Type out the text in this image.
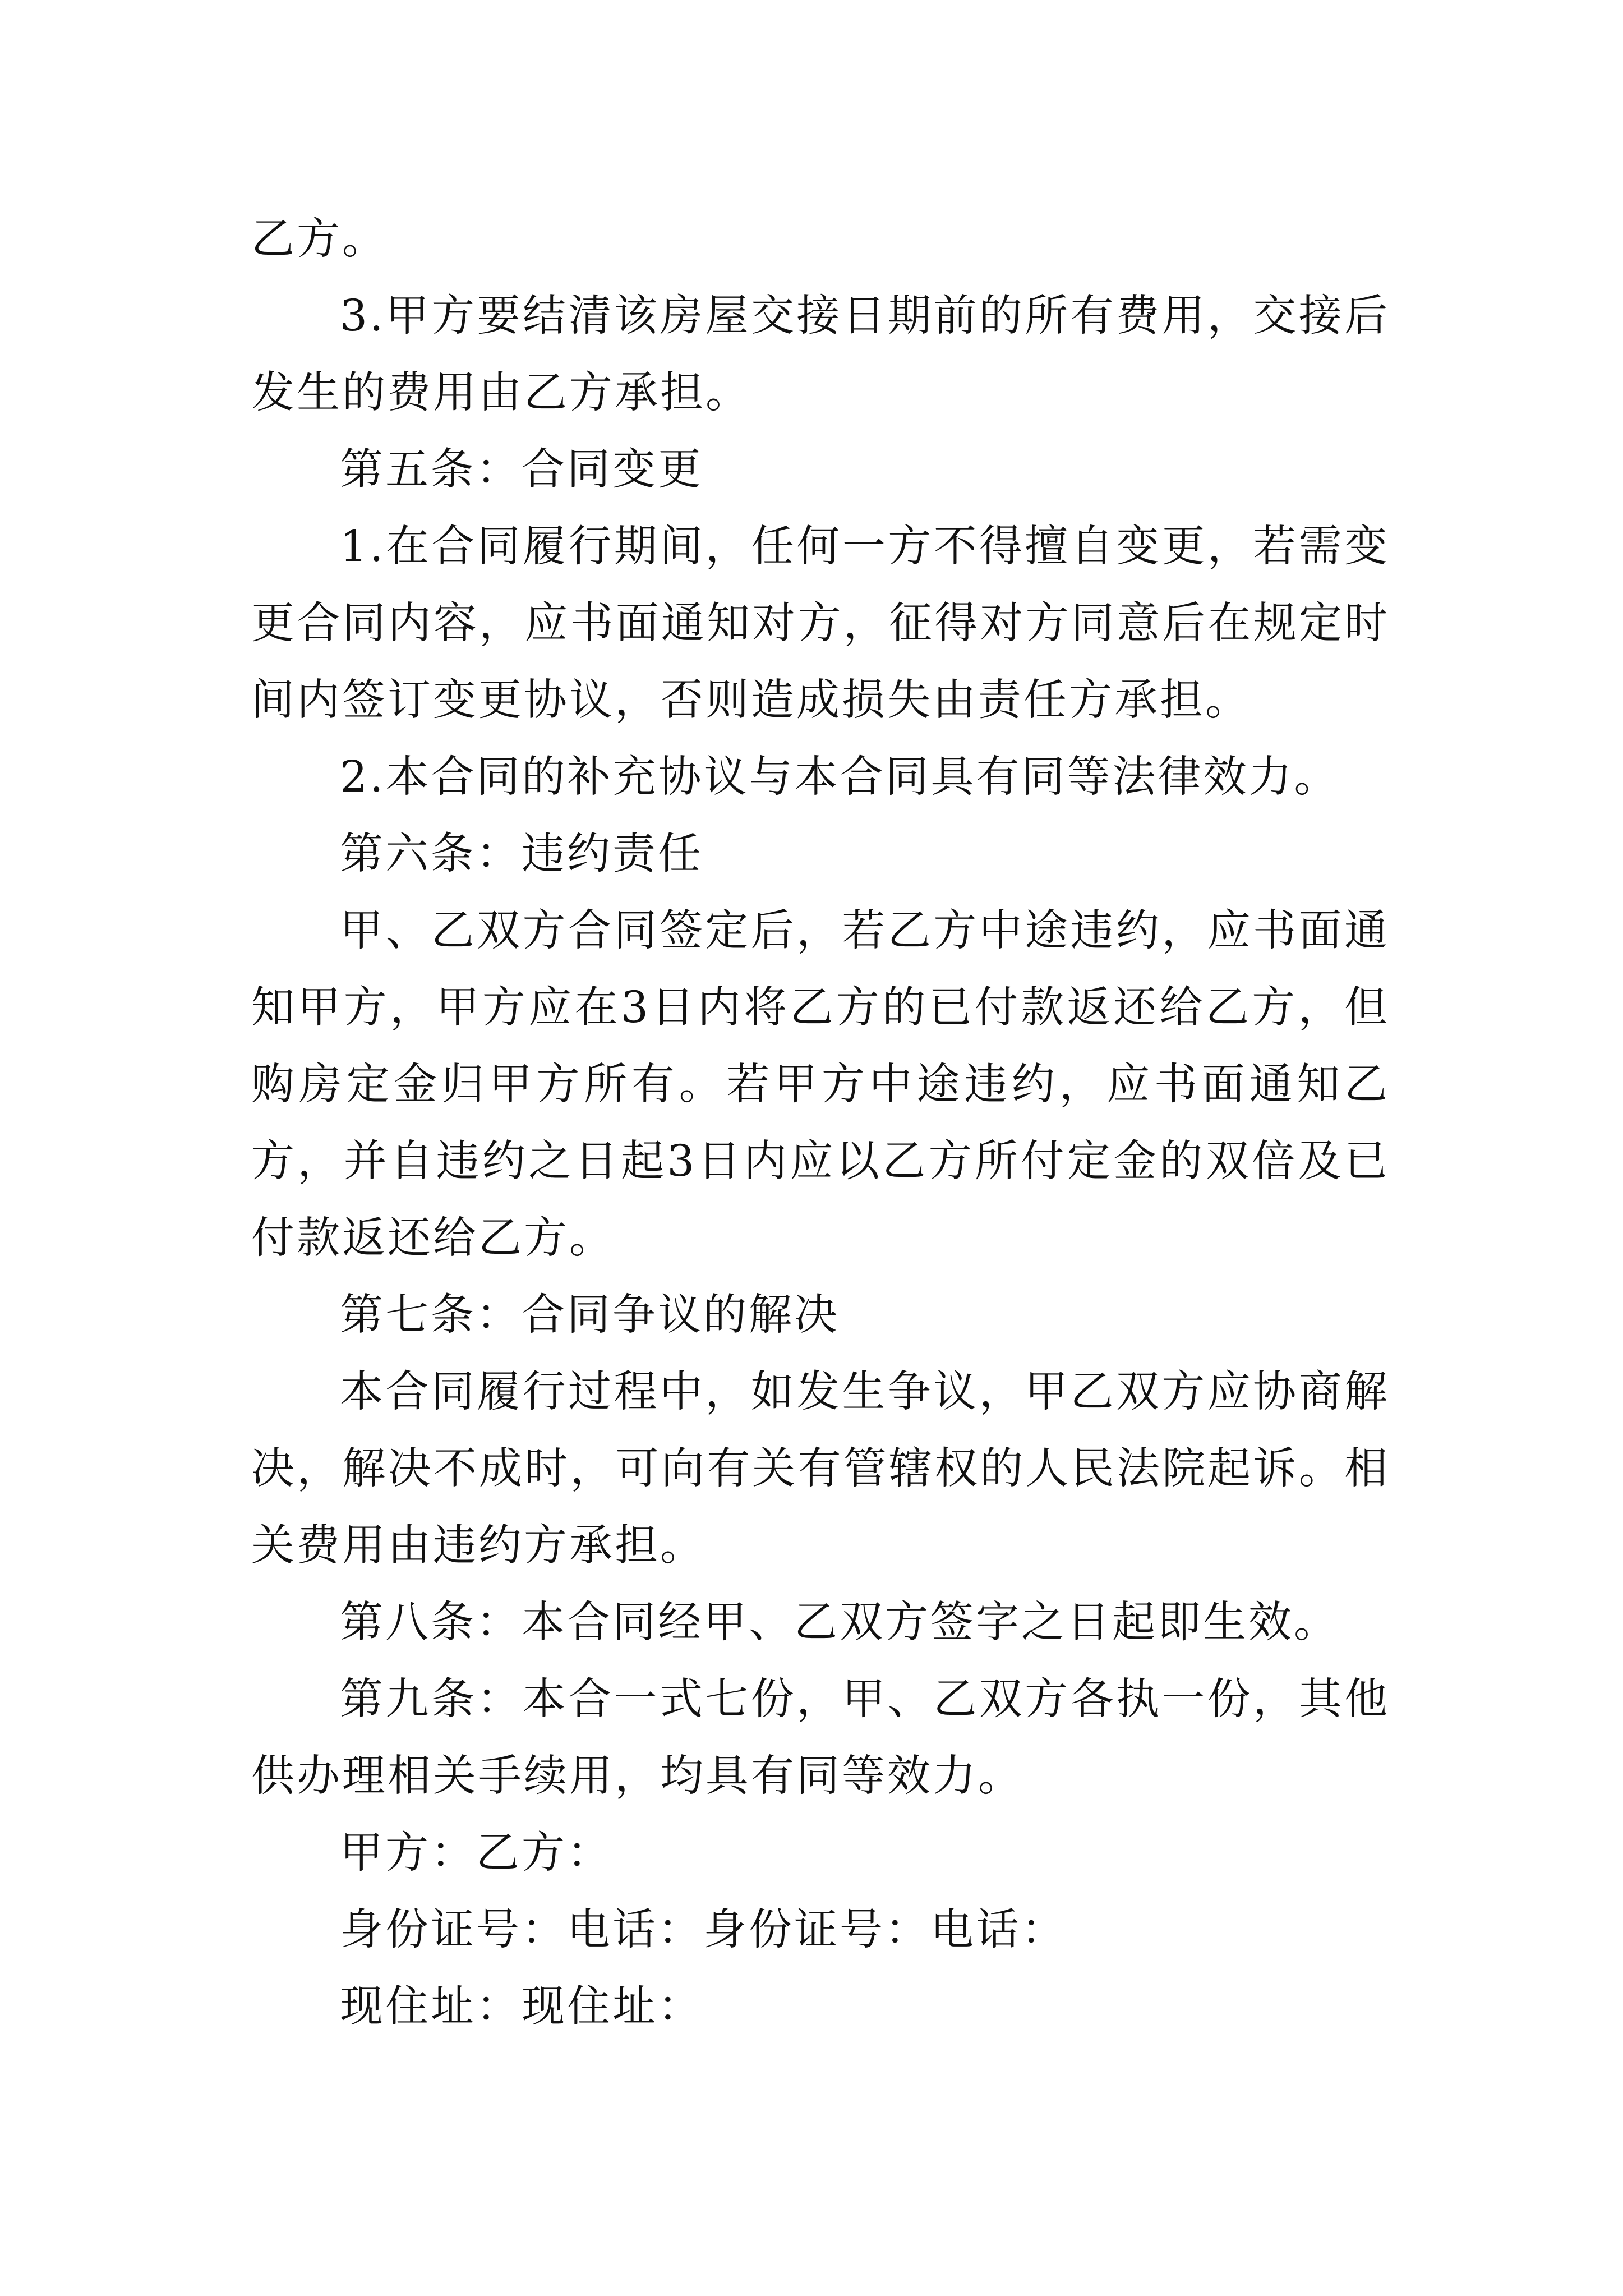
乙方。

3.甲方要结清该房屋交接日期前的所有费用，交接后发生的费用由乙方承担。

第五条：合同变更

1.在合同履行期间，任何一方不得擅自变更，若需变更合同内容，应书面通知对方，征得对方同意后在规定时间内签订变更协议，否则造成损失由责任方承担。

2.本合同的补充协议与本合同具有同等法律效力。

第六条：违约责任

甲、乙双方合同签定后，若乙方中途违约，应书面通知甲方，甲方应在3日内将乙方的已付款返还给乙方，但购房定金归甲方所有。若甲方中途违约，应书面通知乙方，并自违约之日起3日内应以乙方所付定金的双倍及已付款返还给乙方。

第七条：合同争议的解决

本合同履行过程中，如发生争议，甲乙双方应协商解决，解决不成时，可向有关有管辖权的人民法院起诉。相关费用由违约方承担。

第八条：本合同经甲、乙双方签字之日起即生效。

第九条：本合一式七份，甲、乙双方各执一份，其他供办理相关手续用，均具有同等效力。

甲方：乙方：

身份证号：电话：身份证号：电话：

现住址：现住址：
